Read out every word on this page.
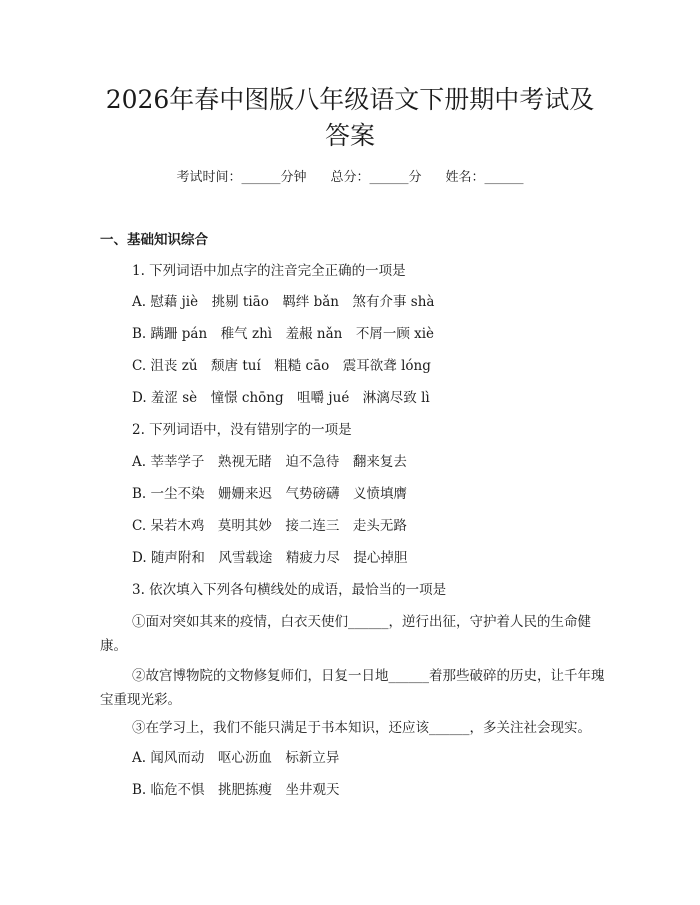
2026年春中图版八年级语文下册期中考试及答案
考试时间：______分钟 总分：______分 姓名：______

一、基础知识综合

1. 下列词语中加点字的注音完全正确的一项是

A. 慰藉 jiè　挑剔 tiāo　羁绊 bǎn　煞有介事 shà

B. 蹒跚 pán　稚气 zhì　羞赧 nǎn　不屑一顾 xiè

C. 沮丧 zǔ　颓唐 tuí　粗糙 cāo　震耳欲聋 lóng

D. 羞涩 sè　憧憬 chōng　咀嚼 jué　淋漓尽致 lì

2. 下列词语中，没有错别字的一项是

A. 莘莘学子　熟视无睹　迫不急待　翻来复去

B. 一尘不染　姗姗来迟　气势磅礴　义愤填膺

C. 呆若木鸡　莫明其妙　接二连三　走头无路

D. 随声附和　风雪载途　精疲力尽　提心掉胆

3. 依次填入下列各句横线处的成语，最恰当的一项是

①面对突如其来的疫情，白衣天使们______，逆行出征，守护着人民的生命健康。

②故宫博物院的文物修复师们，日复一日地______着那些破碎的历史，让千年瑰宝重现光彩。

③在学习上，我们不能只满足于书本知识，还应该______，多关注社会现实。

A. 闻风而动　呕心沥血　标新立异

B. 临危不惧　挑肥拣瘦　坐井观天
